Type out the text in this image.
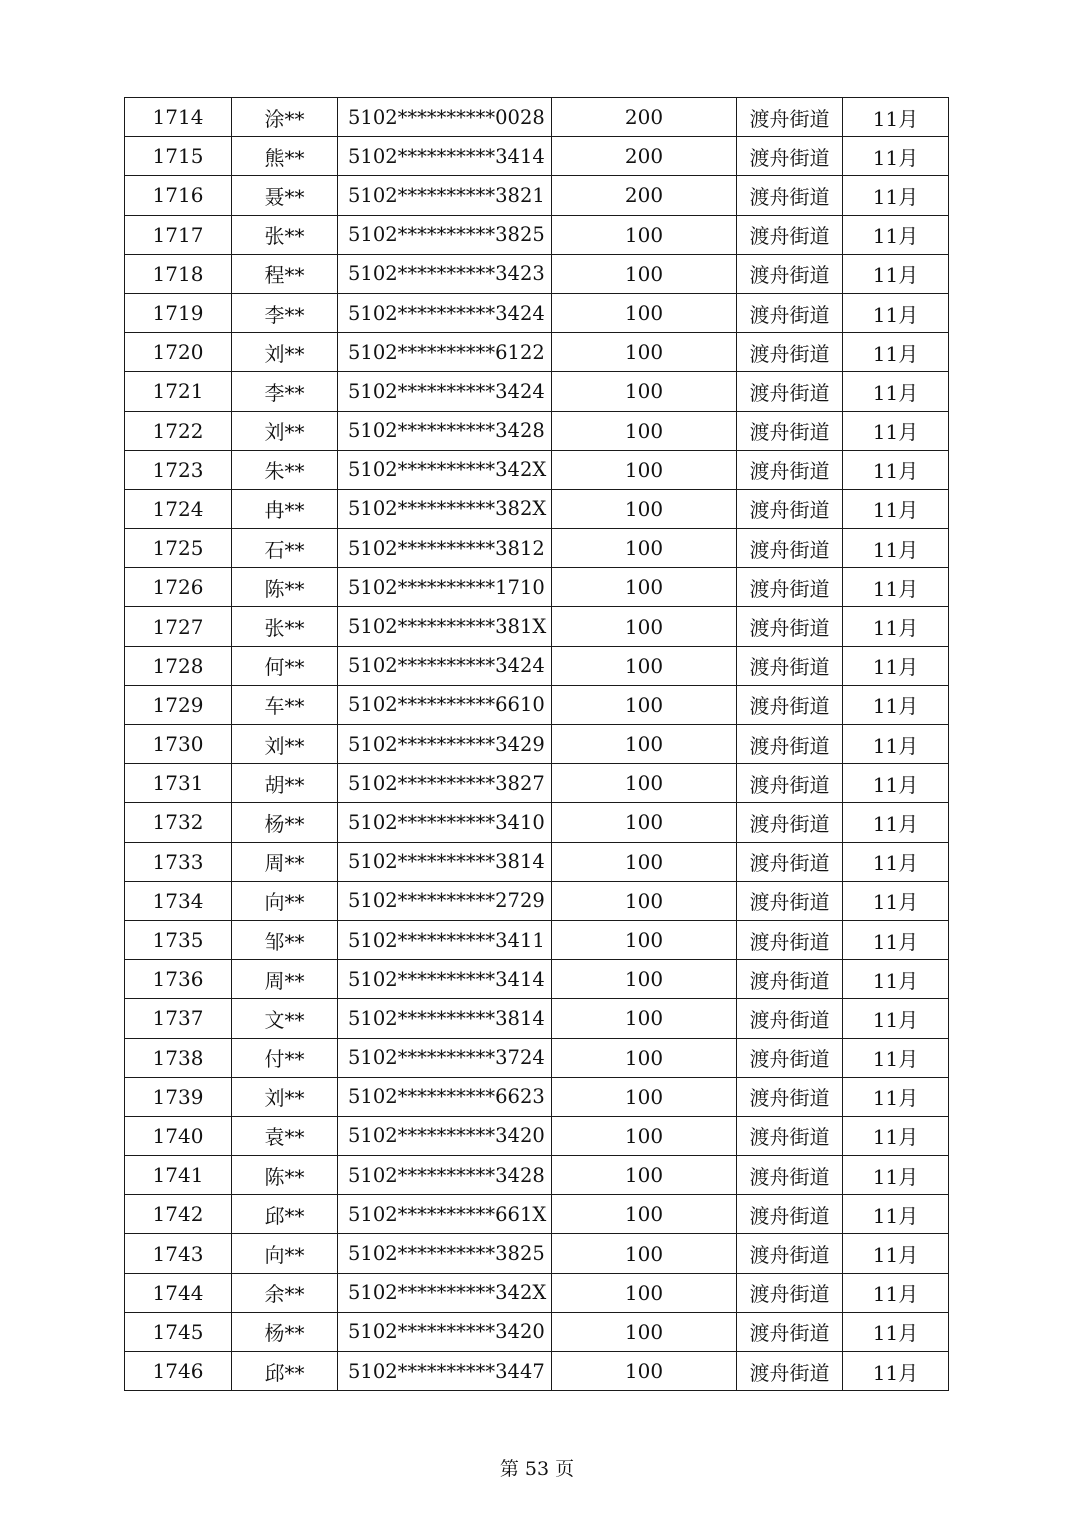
1714	涂**	5102**********0028	200	渡舟街道	11月
1715	熊**	5102**********3414	200	渡舟街道	11月
1716	聂**	5102**********3821	200	渡舟街道	11月
1717	张**	5102**********3825	100	渡舟街道	11月
1718	程**	5102**********3423	100	渡舟街道	11月
1719	李**	5102**********3424	100	渡舟街道	11月
1720	刘**	5102**********6122	100	渡舟街道	11月
1721	李**	5102**********3424	100	渡舟街道	11月
1722	刘**	5102**********3428	100	渡舟街道	11月
1723	朱**	5102**********342X	100	渡舟街道	11月
1724	冉**	5102**********382X	100	渡舟街道	11月
1725	石**	5102**********3812	100	渡舟街道	11月
1726	陈**	5102**********1710	100	渡舟街道	11月
1727	张**	5102**********381X	100	渡舟街道	11月
1728	何**	5102**********3424	100	渡舟街道	11月
1729	车**	5102**********6610	100	渡舟街道	11月
1730	刘**	5102**********3429	100	渡舟街道	11月
1731	胡**	5102**********3827	100	渡舟街道	11月
1732	杨**	5102**********3410	100	渡舟街道	11月
1733	周**	5102**********3814	100	渡舟街道	11月
1734	向**	5102**********2729	100	渡舟街道	11月
1735	邹**	5102**********3411	100	渡舟街道	11月
1736	周**	5102**********3414	100	渡舟街道	11月
1737	文**	5102**********3814	100	渡舟街道	11月
1738	付**	5102**********3724	100	渡舟街道	11月
1739	刘**	5102**********6623	100	渡舟街道	11月
1740	袁**	5102**********3420	100	渡舟街道	11月
1741	陈**	5102**********3428	100	渡舟街道	11月
1742	邱**	5102**********661X	100	渡舟街道	11月
1743	向**	5102**********3825	100	渡舟街道	11月
1744	余**	5102**********342X	100	渡舟街道	11月
1745	杨**	5102**********3420	100	渡舟街道	11月
1746	邱**	5102**********3447	100	渡舟街道	11月
第 53 页
